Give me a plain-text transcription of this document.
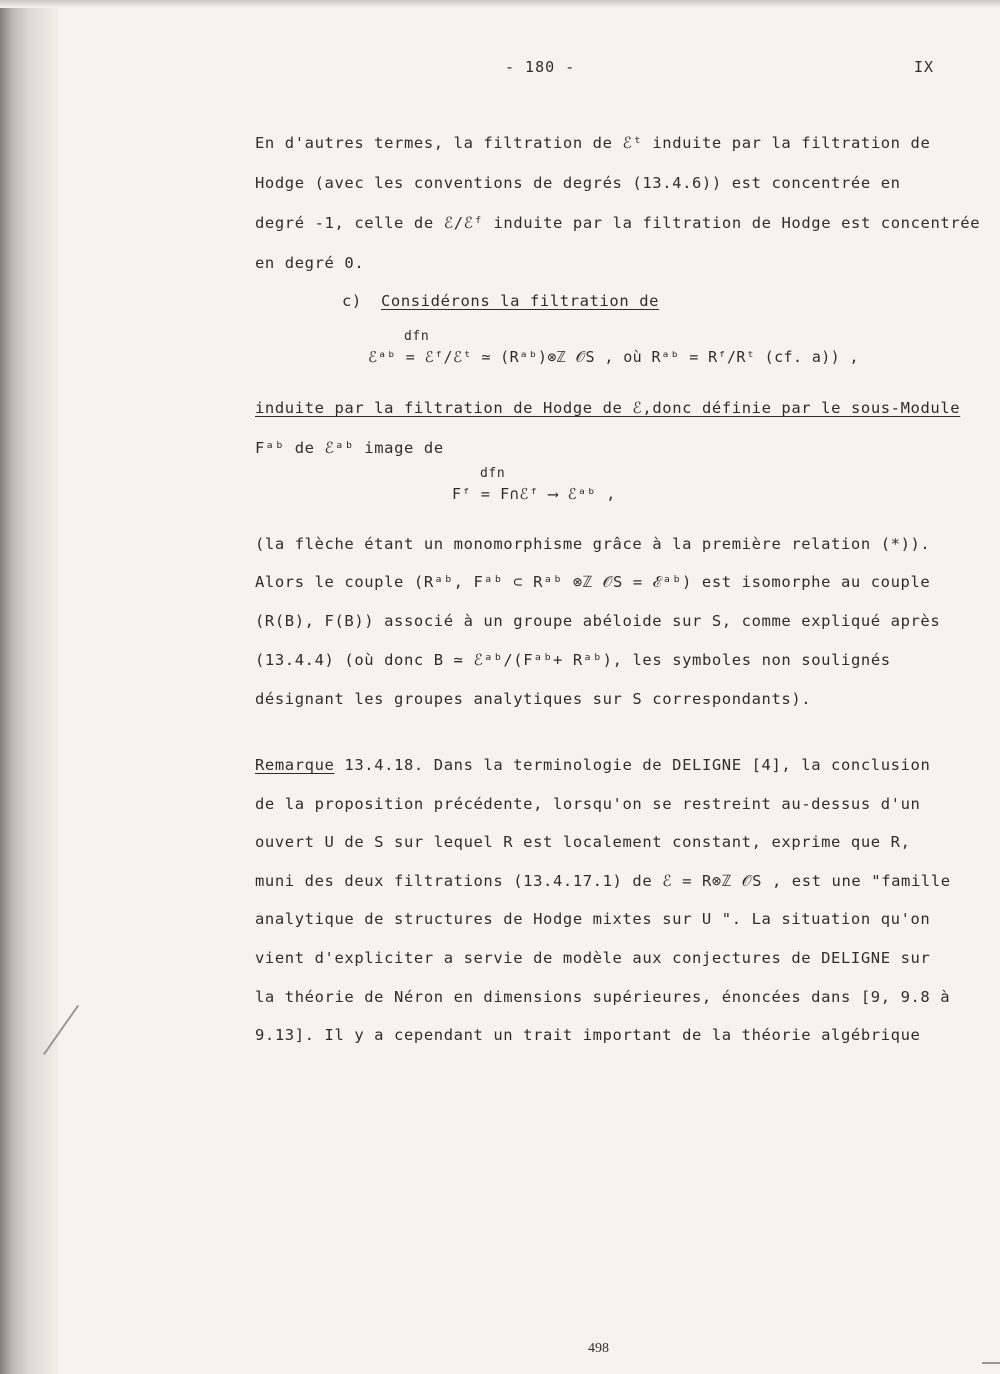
- 180 -	IX
En d'autres termes, la filtration de ℰᵗ induite par la filtration de
Hodge (avec les conventions de degrés (13.4.6)) est concentrée en
degré -1, celle de ℰ/ℰᶠ induite par la filtration de Hodge est concentrée
en degré 0.
c) Considérons la filtration de
dfn
ℰᵃᵇ = ℰᶠ/ℰᵗ ≃ (Rᵃᵇ)⊗ℤ 𝒪S , où Rᵃᵇ = Rᶠ/Rᵗ (cf. a)) ,
induite par la filtration de Hodge de ℰ,donc définie par le sous-Module
Fᵃᵇ de ℰᵃᵇ image de
dfn
Fᶠ = F∩ℰᶠ ⟶ ℰᵃᵇ ,
(la flèche étant un monomorphisme grâce à la première relation (*)).
Alors le couple (Rᵃᵇ, Fᵃᵇ ⊂ Rᵃᵇ ⊗ℤ 𝒪S = ℰᵃᵇ) est isomorphe au couple
(R(B), F(B)) associé à un groupe abéloide sur S, comme expliqué après
(13.4.4) (où donc B ≃ ℰᵃᵇ/(Fᵃᵇ+ Rᵃᵇ), les symboles non soulignés
désignant les groupes analytiques sur S correspondants).
Remarque 13.4.18. Dans la terminologie de DELIGNE [4], la conclusion
de la proposition précédente, lorsqu'on se restreint au-dessus d'un
ouvert U de S sur lequel R est localement constant, exprime que R,
muni des deux filtrations (13.4.17.1) de ℰ = R⊗ℤ 𝒪S , est une "famille
analytique de structures de Hodge mixtes sur U ". La situation qu'on
vient d'expliciter a servie de modèle aux conjectures de DELIGNE sur
la théorie de Néron en dimensions supérieures, énoncées dans [9, 9.8 à
9.13]. Il y a cependant un trait important de la théorie algébrique
498
